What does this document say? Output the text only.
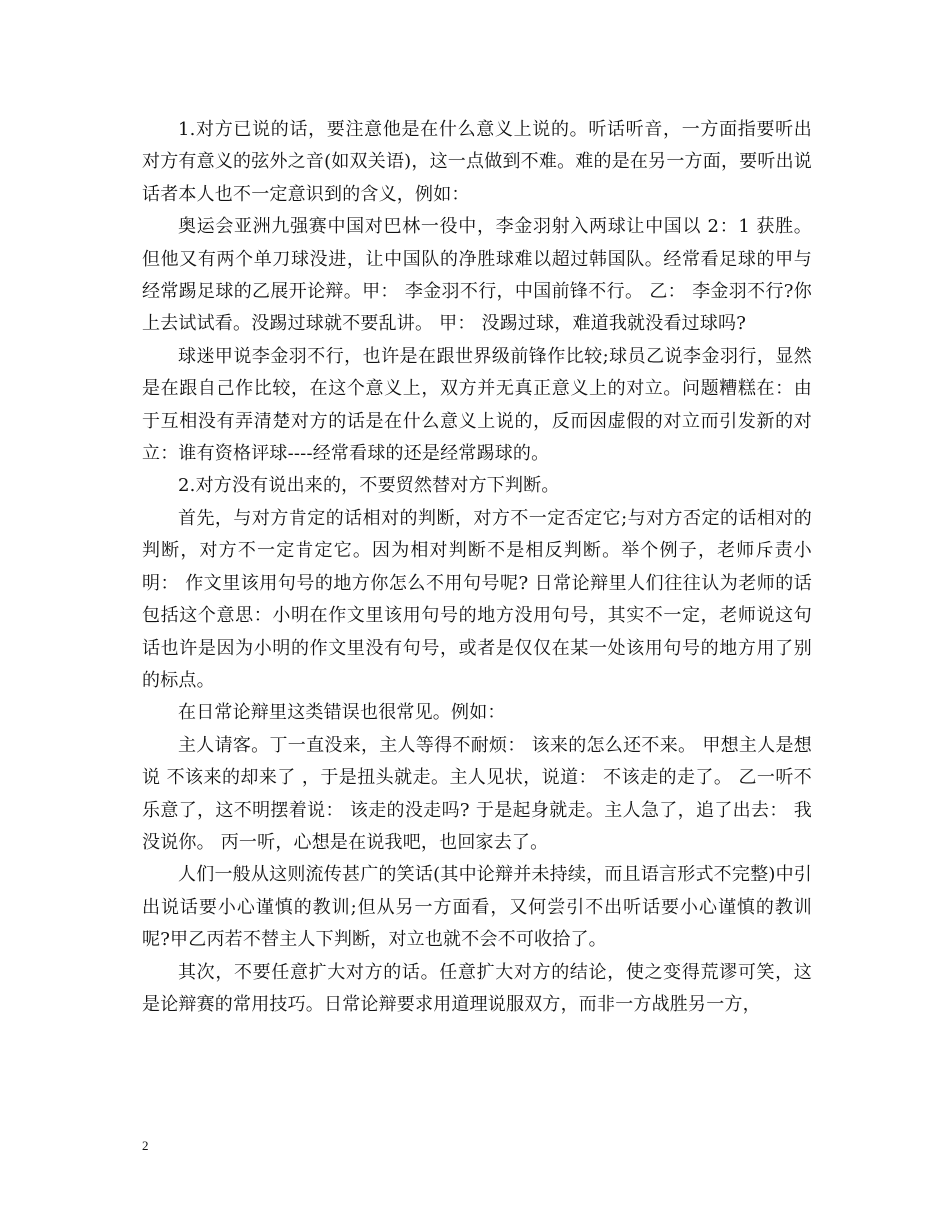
1.对方已说的话，要注意他是在什么意义上说的。听话听音，一方面指要听出对方有意义的弦外之音(如双关语)，这一点做到不难。难的是在另一方面，要听出说话者本人也不一定意识到的含义，例如：

奥运会亚洲九强赛中国对巴林一役中，李金羽射入两球让中国以 2：1 获胜。但他又有两个单刀球没进，让中国队的净胜球难以超过韩国队。经常看足球的甲与经常踢足球的乙展开论辩。甲： 李金羽不行，中国前锋不行。 乙： 李金羽不行?你上去试试看。没踢过球就不要乱讲。 甲： 没踢过球，难道我就没看过球吗?

球迷甲说李金羽不行，也许是在跟世界级前锋作比较;球员乙说李金羽行，显然是在跟自己作比较，在这个意义上，双方并无真正意义上的对立。问题糟糕在：由于互相没有弄清楚对方的话是在什么意义上说的，反而因虚假的对立而引发新的对立：谁有资格评球----经常看球的还是经常踢球的。

2.对方没有说出来的，不要贸然替对方下判断。

首先，与对方肯定的话相对的判断，对方不一定否定它;与对方否定的话相对的判断，对方不一定肯定它。因为相对判断不是相反判断。举个例子，老师斥责小明： 作文里该用句号的地方你怎么不用句号呢? 日常论辩里人们往往认为老师的话包括这个意思：小明在作文里该用句号的地方没用句号，其实不一定，老师说这句话也许是因为小明的作文里没有句号，或者是仅仅在某一处该用句号的地方用了别的标点。

在日常论辩里这类错误也很常见。例如：

主人请客。丁一直没来，主人等得不耐烦： 该来的怎么还不来。 甲想主人是想说 不该来的却来了 ，于是扭头就走。主人见状，说道： 不该走的走了。 乙一听不乐意了，这不明摆着说： 该走的没走吗? 于是起身就走。主人急了，追了出去： 我没说你。 丙一听，心想是在说我吧，也回家去了。

人们一般从这则流传甚广的笑话(其中论辩并未持续，而且语言形式不完整)中引出说话要小心谨慎的教训;但从另一方面看，又何尝引不出听话要小心谨慎的教训呢?甲乙丙若不替主人下判断，对立也就不会不可收拾了。

其次，不要任意扩大对方的话。任意扩大对方的结论，使之变得荒谬可笑，这是论辩赛的常用技巧。日常论辩要求用道理说服双方，而非一方战胜另一方，

2
